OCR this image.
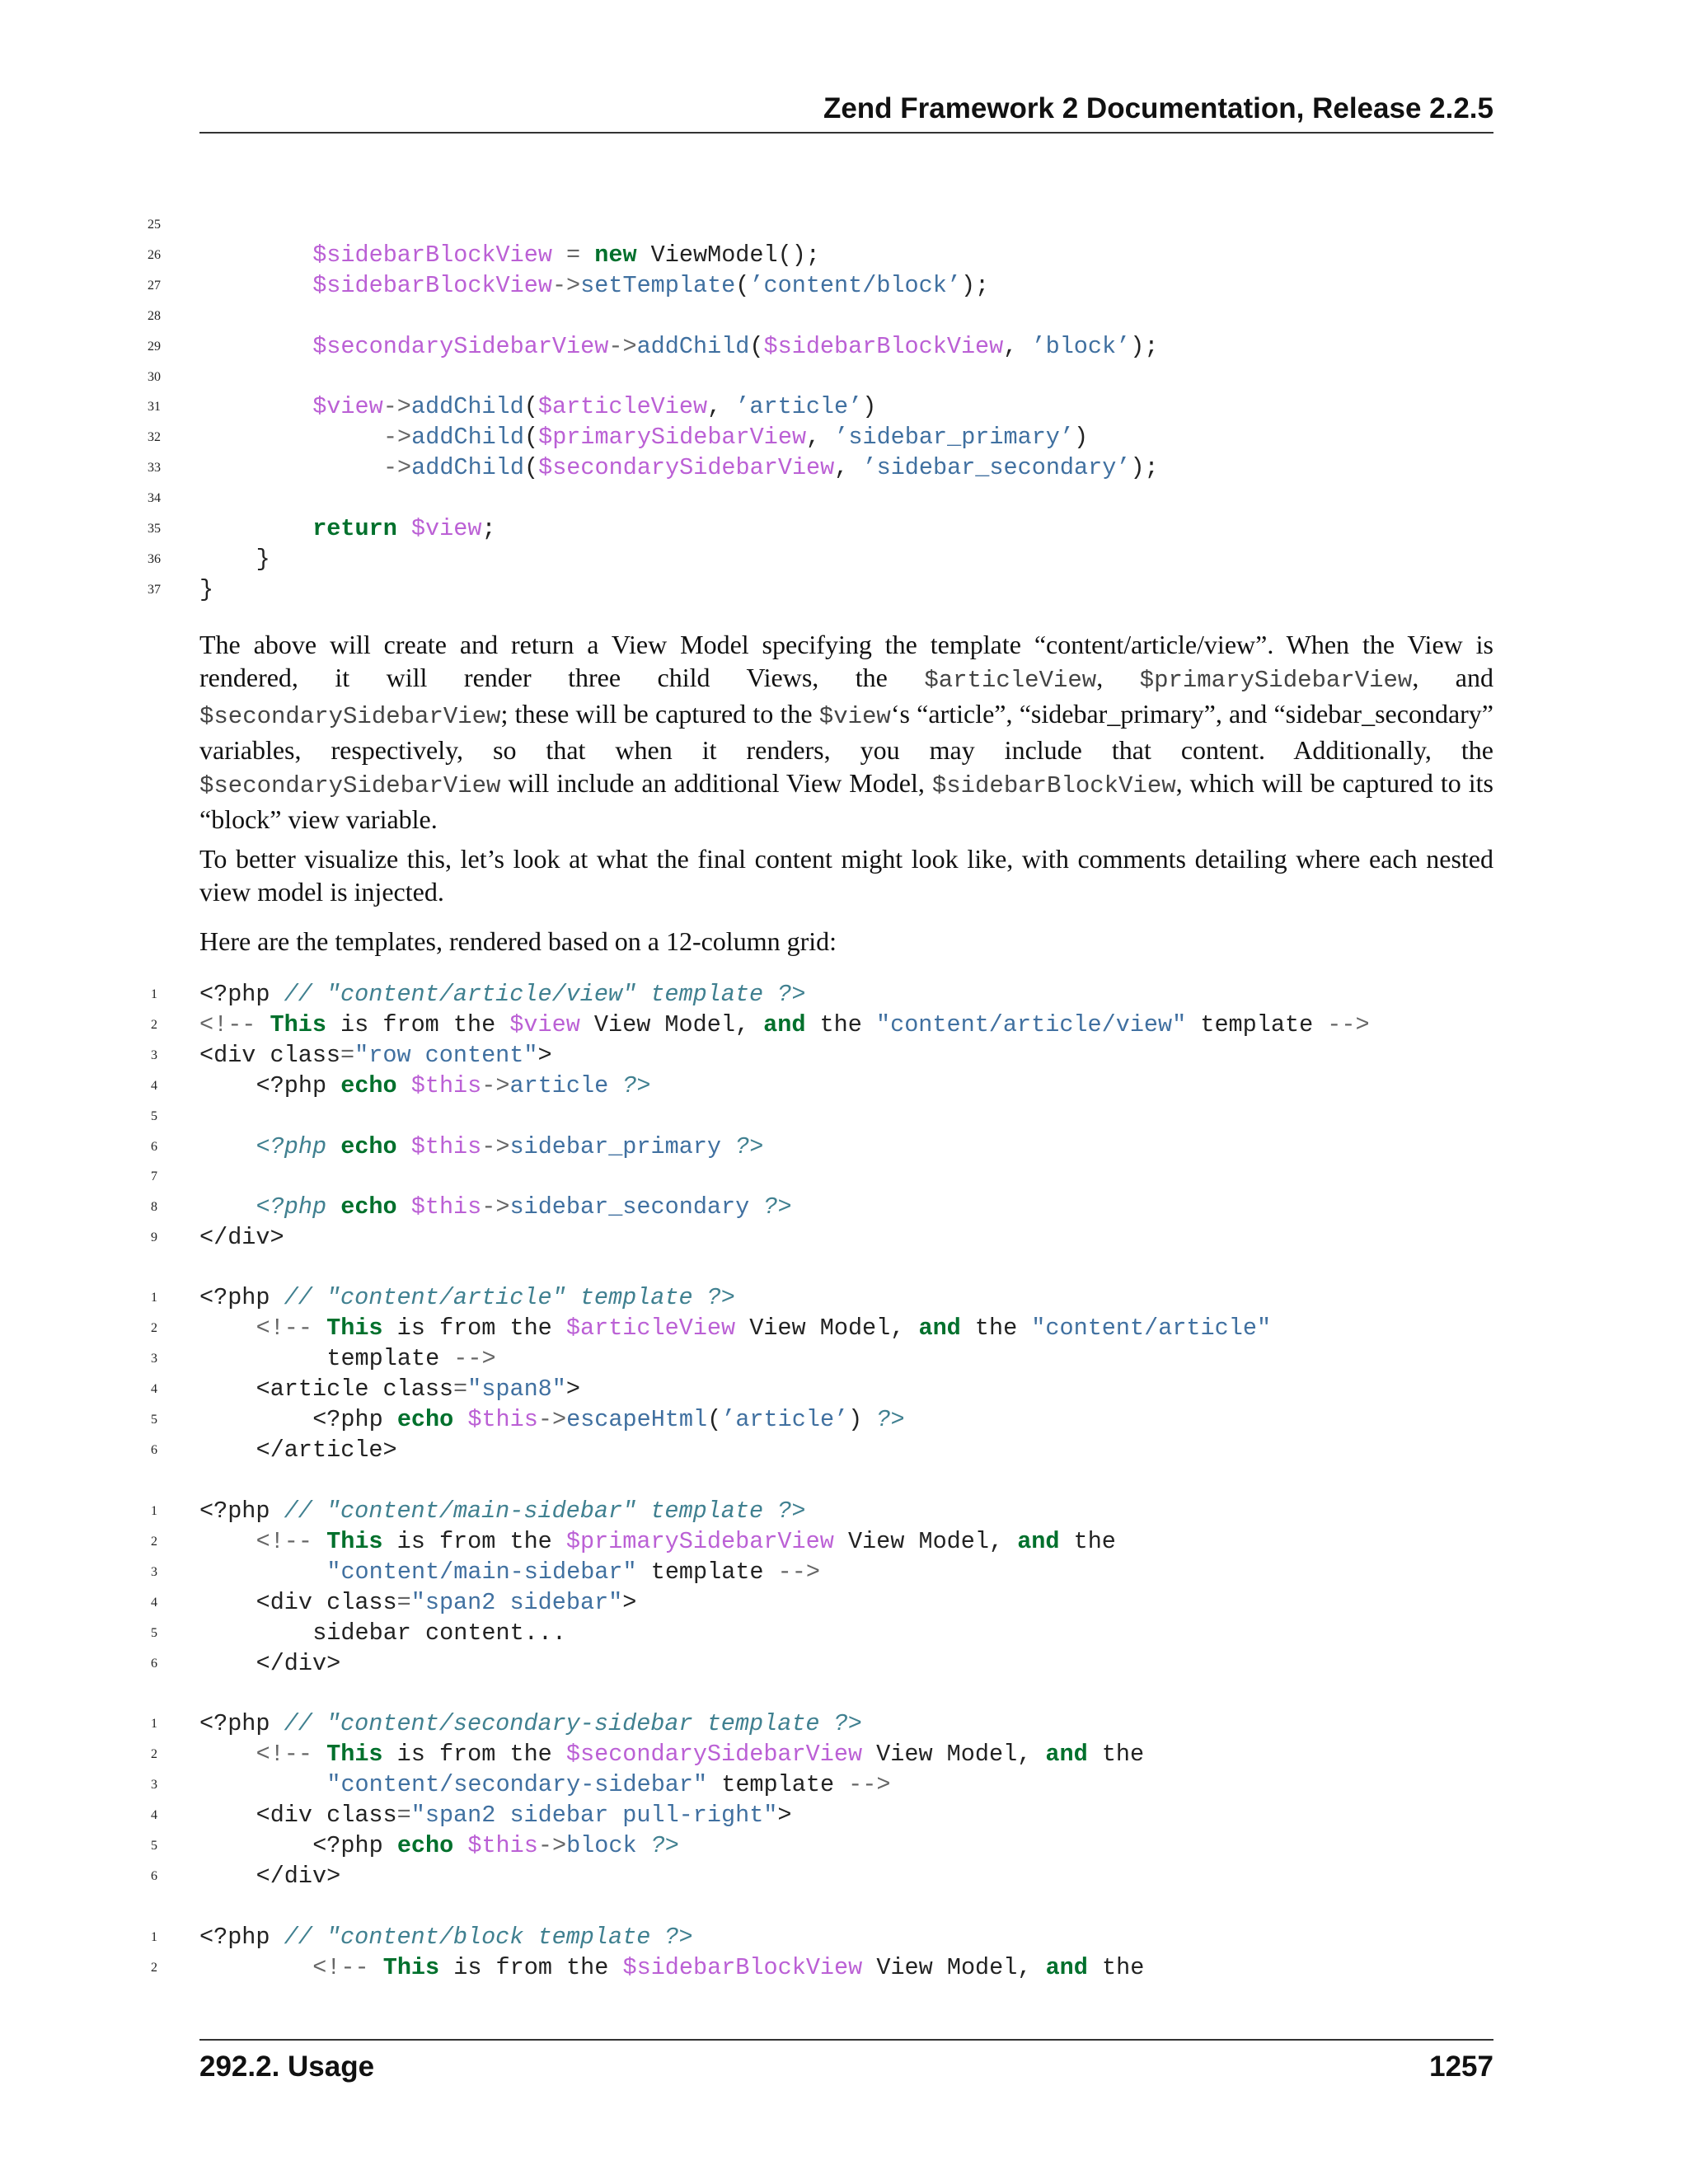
Zend Framework 2 Documentation, Release 2.2.5
25
26	$sidebarBlockView = new ViewModel();
27	$sidebarBlockView->setTemplate(’content/block’);
28
29	$secondarySidebarView->addChild($sidebarBlockView, ’block’);
30
31	$view->addChild($articleView, ’article’)
32	->addChild($primarySidebarView, ’sidebar_primary’)
33	->addChild($secondarySidebarView, ’sidebar_secondary’);
34
35	return $view;
36	}
37	}
The above will create and return a View Model specifying the template “content/article/view”. When the View is rendered, it will render three child Views, the $articleView, $primarySidebarView, and $secondarySidebarView; these will be captured to the $view‘s “article”, “sidebar_primary”, and “sidebar_secondary” variables, respectively, so that when it renders, you may include that content. Additionally, the $secondarySidebarView will include an additional View Model, $sidebarBlockView, which will be captured to its “block” view variable.
To better visualize this, let’s look at what the final content might look like, with comments detailing where each nested view model is injected.
Here are the templates, rendered based on a 12-column grid:
1	<?php // "content/article/view" template ?>
2	<!-- This is from the $view View Model, and the "content/article/view" template -->
3	<div class="row content">
4	<?php echo $this->article ?>
5
6	<?php echo $this->sidebar_primary ?>
7
8	<?php echo $this->sidebar_secondary ?>
9	</div>
1	<?php // "content/article" template ?>
2	<!-- This is from the $articleView View Model, and the "content/article"
3	template -->
4	<article class="span8">
5	<?php echo $this->escapeHtml(’article’) ?>
6	</article>
1	<?php // "content/main-sidebar" template ?>
2	<!-- This is from the $primarySidebarView View Model, and the
3	"content/main-sidebar" template -->
4	<div class="span2 sidebar">
5	sidebar content...
6	</div>
1	<?php // "content/secondary-sidebar template ?>
2	<!-- This is from the $secondarySidebarView View Model, and the
3	"content/secondary-sidebar" template -->
4	<div class="span2 sidebar pull-right">
5	<?php echo $this->block ?>
6	</div>
1	<?php // "content/block template ?>
2	<!-- This is from the $sidebarBlockView View Model, and the
292.2. Usage	1257
